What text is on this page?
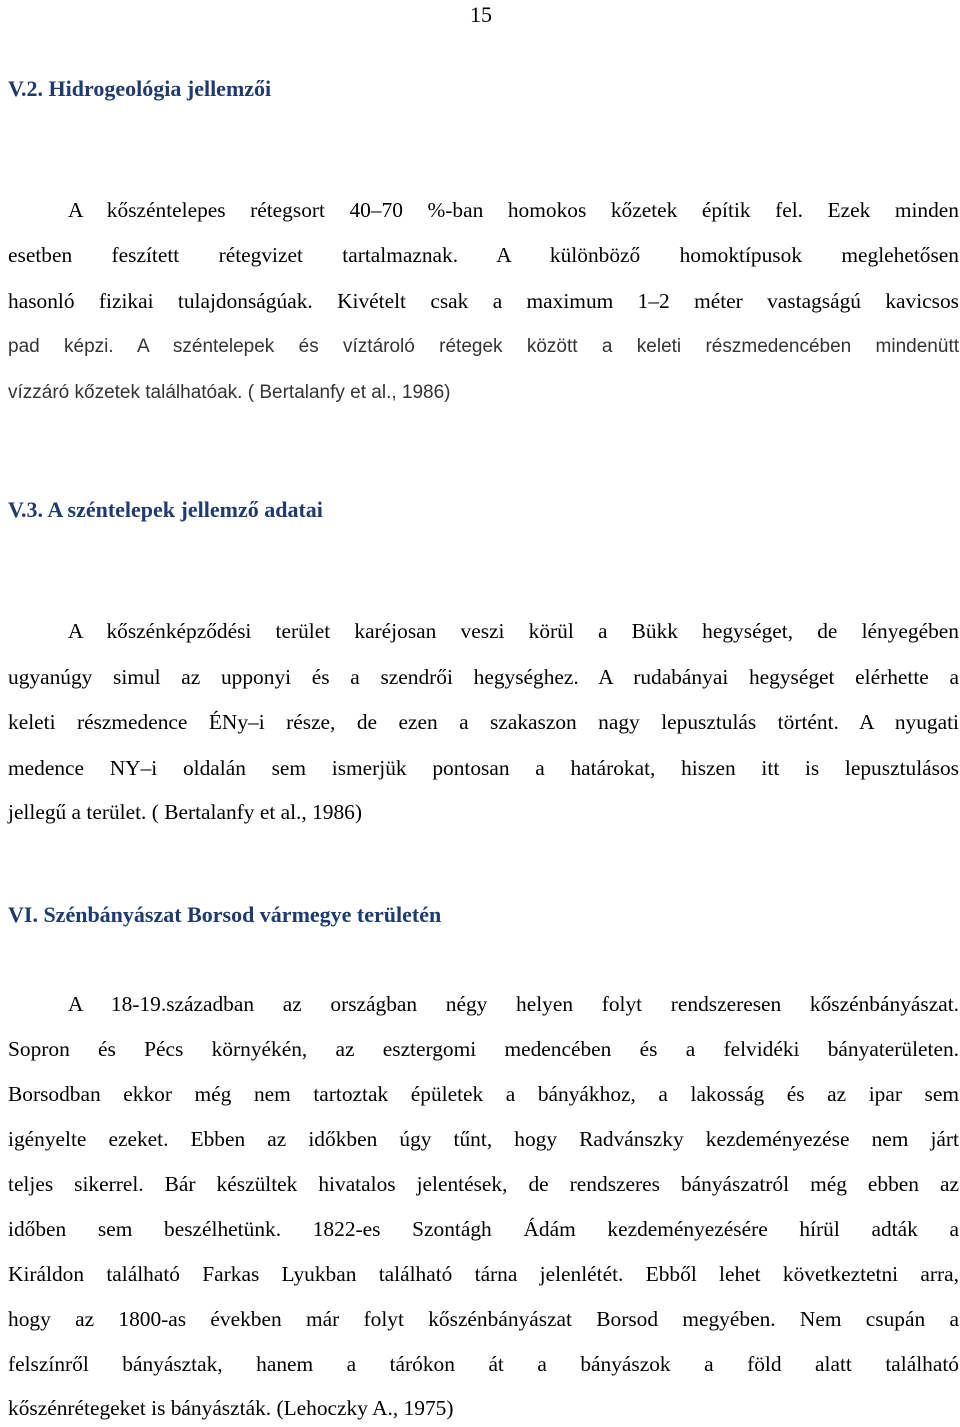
15
V.2. Hidrogeológia jellemzői
A kőszéntelepes rétegsort 40–70 %-ban homokos kőzetek építik fel. Ezek minden
esetben feszített rétegvizet tartalmaznak. A különböző homoktípusok meglehetősen
hasonló fizikai tulajdonságúak. Kivételt csak a maximum 1–2 méter vastagságú kavicsos
pad képzi. A széntelepek és víztároló rétegek között a keleti részmedencében mindenütt
vízzáró kőzetek találhatóak. ( Bertalanfy et al., 1986)
V.3. A széntelepek jellemző adatai
A kőszénképződési terület karéjosan veszi körül a Bükk hegységet, de lényegében
ugyanúgy simul az upponyi és a szendrői hegységhez. A rudabányai hegységet elérhette a
keleti részmedence ÉNy–i része, de ezen a szakaszon nagy lepusztulás történt. A nyugati
medence NY–i oldalán sem ismerjük pontosan a határokat, hiszen itt is lepusztulásos
jellegű a terület. ( Bertalanfy et al., 1986)
VI. Szénbányászat Borsod vármegye területén
A 18-19.században az országban négy helyen folyt rendszeresen kőszénbányászat.
Sopron és Pécs környékén, az esztergomi medencében és a felvidéki bányaterületen.
Borsodban ekkor még nem tartoztak épületek a bányákhoz, a lakosság és az ipar sem
igényelte ezeket. Ebben az időkben úgy tűnt, hogy Radvánszky kezdeményezése nem járt
teljes sikerrel. Bár készültek hivatalos jelentések, de rendszeres bányászatról még ebben az
időben sem beszélhetünk. 1822-es Szontágh Ádám kezdeményezésére hírül adták a
Királdon található Farkas Lyukban található tárna jelenlétét. Ebből lehet következtetni arra,
hogy az 1800-as években már folyt kőszénbányászat Borsod megyében. Nem csupán a
felszínről bányásztak, hanem a tárókon át a bányászok a föld alatt található
kőszénrétegeket is bányászták. (Lehoczky A., 1975)
